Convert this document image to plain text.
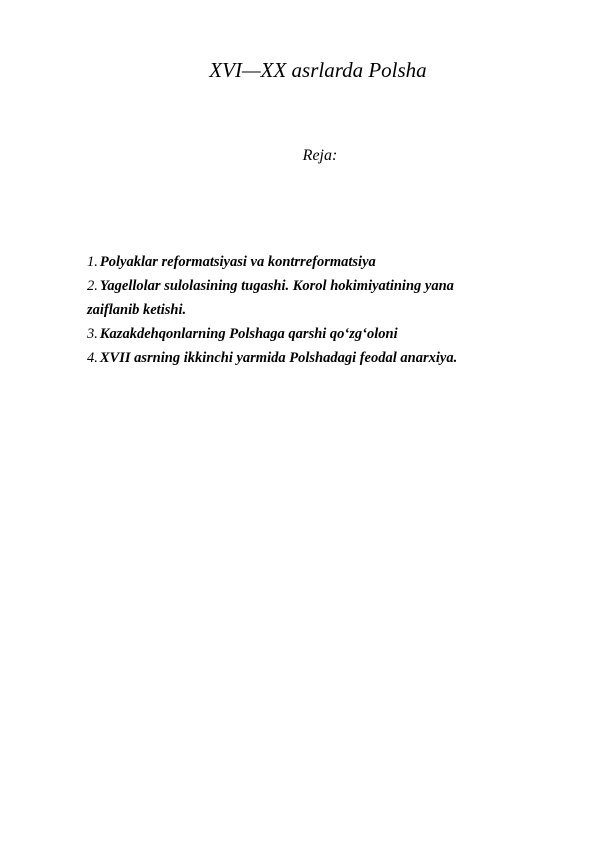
XVI—XX asrlarda Polsha
Reja:
1. Polyaklar reformatsiyasi va kontrreformatsiya
2. Yagellolar sulolasining tugashi. Korol hokimiyatining yana zaiflanib ketishi.
3. Kazakdehqonlarning Polshaga qarshi qo‘zg‘oloni
4. XVII asrning ikkinchi yarmida Polshadagi feodal anarxiya.
